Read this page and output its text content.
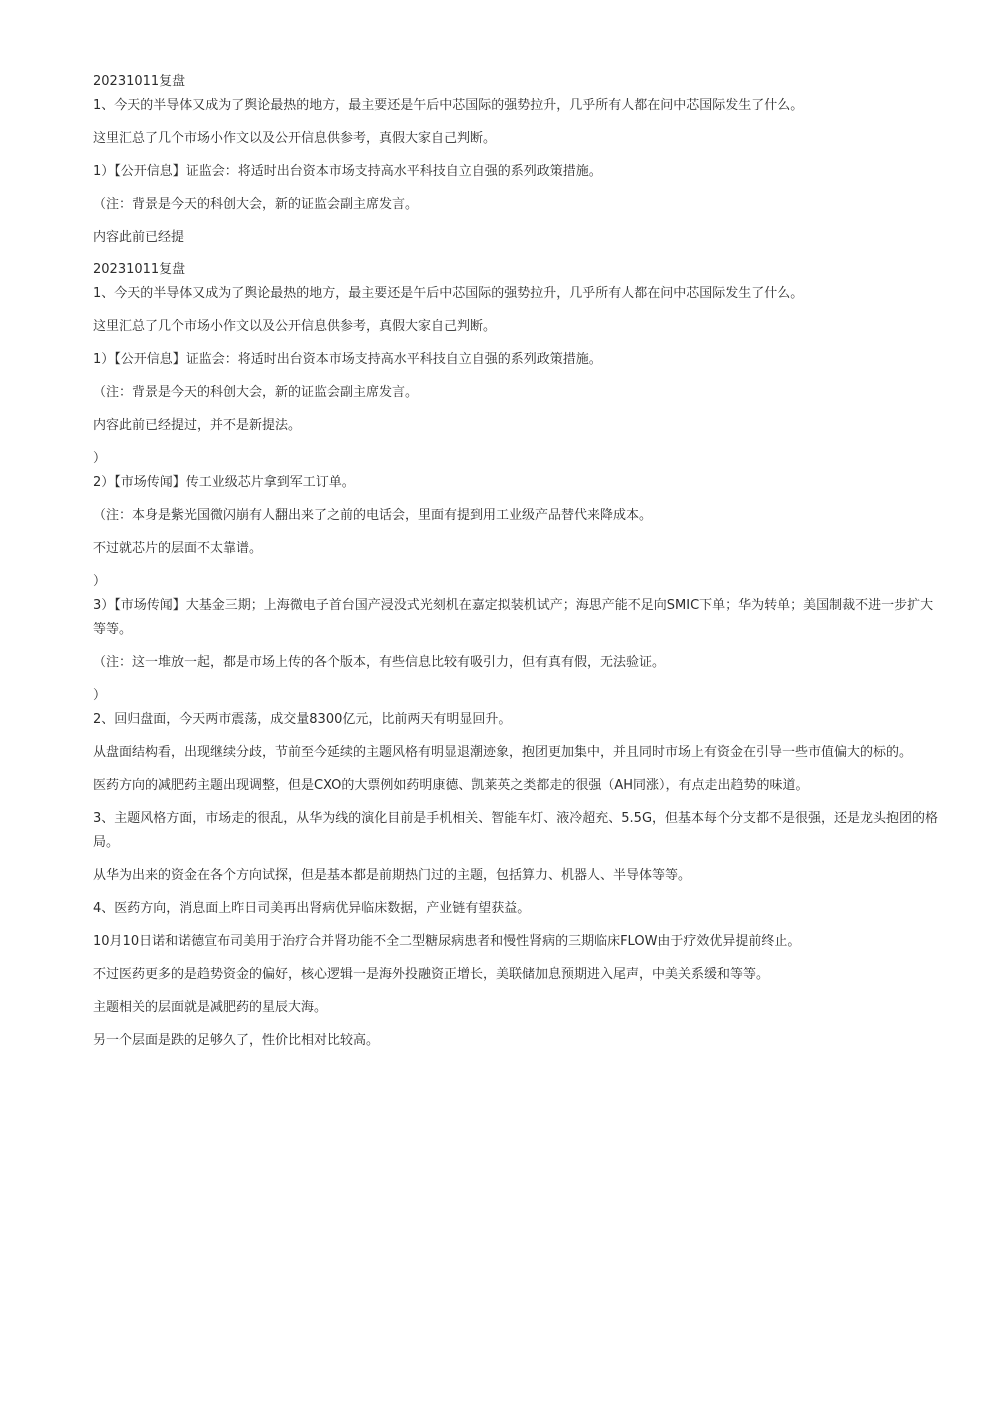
20231011复盘

1、今天的半导体又成为了舆论最热的地方，最主要还是午后中芯国际的强势拉升，几乎所有人都在问中芯国际发生了什么。

这里汇总了几个市场小作文以及公开信息供参考，真假大家自己判断。

1）【公开信息】证监会：将适时出台资本市场支持高水平科技自立自强的系列政策措施。

（注：背景是今天的科创大会，新的证监会副主席发言。

内容此前已经提

20231011复盘

1、今天的半导体又成为了舆论最热的地方，最主要还是午后中芯国际的强势拉升，几乎所有人都在问中芯国际发生了什么。

这里汇总了几个市场小作文以及公开信息供参考，真假大家自己判断。

1）【公开信息】证监会：将适时出台资本市场支持高水平科技自立自强的系列政策措施。

（注：背景是今天的科创大会，新的证监会副主席发言。

内容此前已经提过，并不是新提法。

）

2）【市场传闻】传工业级芯片拿到军工订单。

（注：本身是紫光国微闪崩有人翻出来了之前的电话会，里面有提到用工业级产品替代来降成本。

不过就芯片的层面不太靠谱。

）

3）【市场传闻】大基金三期；上海微电子首台国产浸没式光刻机在嘉定拟装机试产；海思产能不足向SMIC下单；华为转单；美国制裁不进一步扩大等等。

（注：这一堆放一起，都是市场上传的各个版本，有些信息比较有吸引力，但有真有假，无法验证。

）

2、回归盘面，今天两市震荡，成交量8300亿元，比前两天有明显回升。

从盘面结构看，出现继续分歧，节前至今延续的主题风格有明显退潮迹象，抱团更加集中，并且同时市场上有资金在引导一些市值偏大的标的。

医药方向的减肥药主题出现调整，但是CXO的大票例如药明康德、凯莱英之类都走的很强（AH同涨），有点走出趋势的味道。

3、主题风格方面，市场走的很乱，从华为线的演化目前是手机相关、智能车灯、液冷超充、5.5G，但基本每个分支都不是很强，还是龙头抱团的格局。

从华为出来的资金在各个方向试探，但是基本都是前期热门过的主题，包括算力、机器人、半导体等等。

4、医药方向，消息面上昨日司美再出肾病优异临床数据，产业链有望获益。

10月10日诺和诺德宣布司美用于治疗合并肾功能不全二型糖尿病患者和慢性肾病的三期临床FLOW由于疗效优异提前终止。

不过医药更多的是趋势资金的偏好，核心逻辑一是海外投融资正增长，美联储加息预期进入尾声，中美关系缓和等等。

主题相关的层面就是减肥药的星辰大海。

另一个层面是跌的足够久了，性价比相对比较高。
